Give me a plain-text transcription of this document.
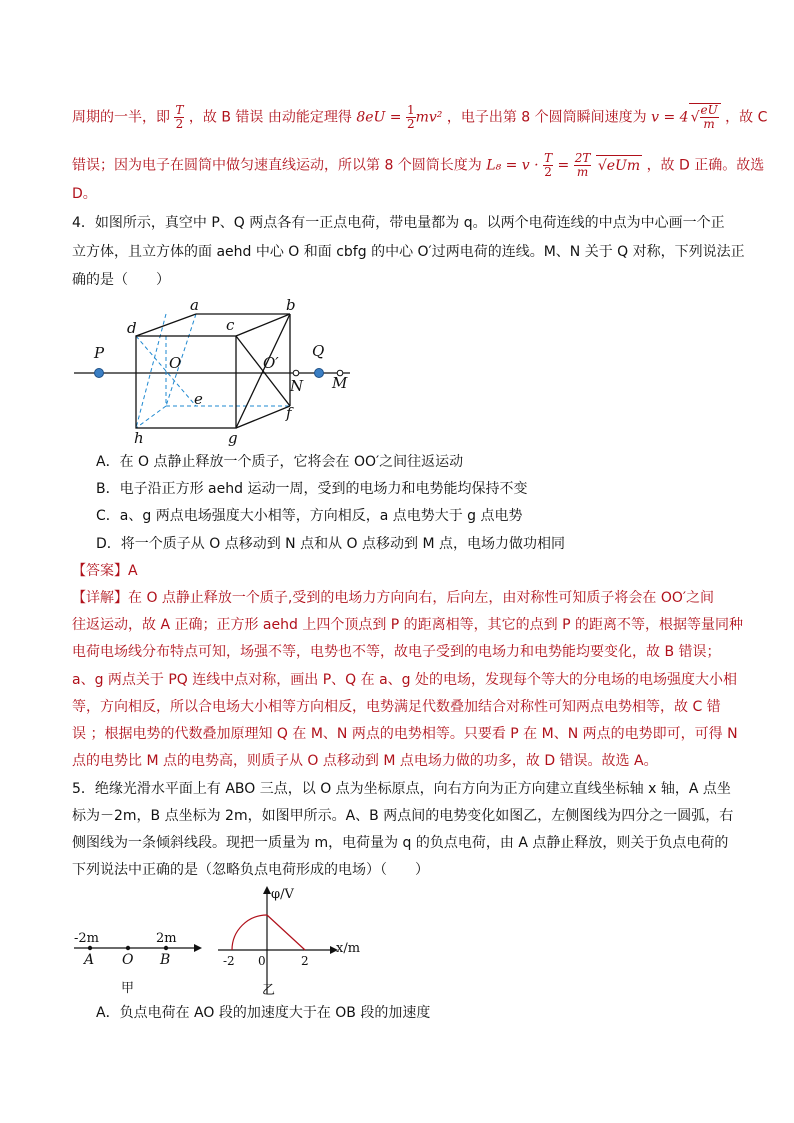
周期的一半，即 $\frac{T}{2}$ ，故 B 错误 由动能定理得 $8eU = \frac{1}{2} mv^2$ ，电子出第 8 个圆筒瞬间速度为 v = 4 √ $\frac{eU}{m}$ ，故 C
错误；因为电子在圆筒中做匀速直线运动，所以第 8 个圆筒长度为 $L_8 = v \cdot \frac{T}{2} = \frac{2T}{m} √eUm$ ，故 D 正确。故选
D。
4．如图所示，真空中 P、Q 两点各有一正点电荷，带电量都为 q。以两个电荷连线的中点为中心画一个正
立方体，且立方体的面 aehd 中心 O 和面 cbfg 的中心 O′过两电荷的连线。M、N 关于 Q 对称，下列说法正
确的是（　　）
a	b
c
d
O	O′
P	Q
N M
e
f
g
h
A．在 O 点静止释放一个质子，它将会在 OO′之间往返运动
B．电子沿正方形 aehd 运动一周，受到的电场力和电势能均保持不变
C．a、g 两点电场强度大小相等，方向相反，a 点电势大于 g 点电势
D．将一个质子从 O 点移动到 N 点和从 O 点移动到 M 点，电场力做功相同
【答案】A
【详解】在 O 点静止释放一个质子,受到的电场力方向向右，后向左，由对称性可知质子将会在 OO′之间
往返运动，故 A 正确；正方形 aehd 上四个顶点到 P 的距离相等，其它的点到 P 的距离不等，根据等量同种
电荷电场线分布特点可知，场强不等，电势也不等，故电子受到的电场力和电势能均要变化，故 B 错误；
a、g 两点关于 PQ 连线中点对称，画出 P、Q 在 a、g 处的电场，发现每个等大的分电场的电场强度大小相
等，方向相反，所以合电场大小相等方向相反，电势满足代数叠加结合对称性可知两点电势相等，故 C 错
误 ；根据电势的代数叠加原理知 Q 在 M、N 两点的电势相等。只要看 P 在 M、N 两点的电势即可，可得 N
点的电势比 M 点的电势高，则质子从 O 点移动到 M 点电场力做的功多，故 D 错误。故选 A。
5．绝缘光滑水平面上有 ABO 三点，以 O 点为坐标原点，向右方向为正方向建立直线坐标轴 x 轴，A 点坐
标为－2m，B 点坐标为 2m，如图甲所示。A、B 两点间的电势变化如图乙，左侧图线为四分之一圆弧，右
侧图线为一条倾斜线段。现把一质量为 m，电荷量为 q 的负点电荷，由 A 点静止释放，则关于负点电荷的
下列说法中正确的是（忽略负点电荷形成的电场）（　　）
-2m	2m
A O B
甲
φ/V
x/m
-2 0	2
乙
A．负点电荷在 AO 段的加速度大于在 OB 段的加速度
